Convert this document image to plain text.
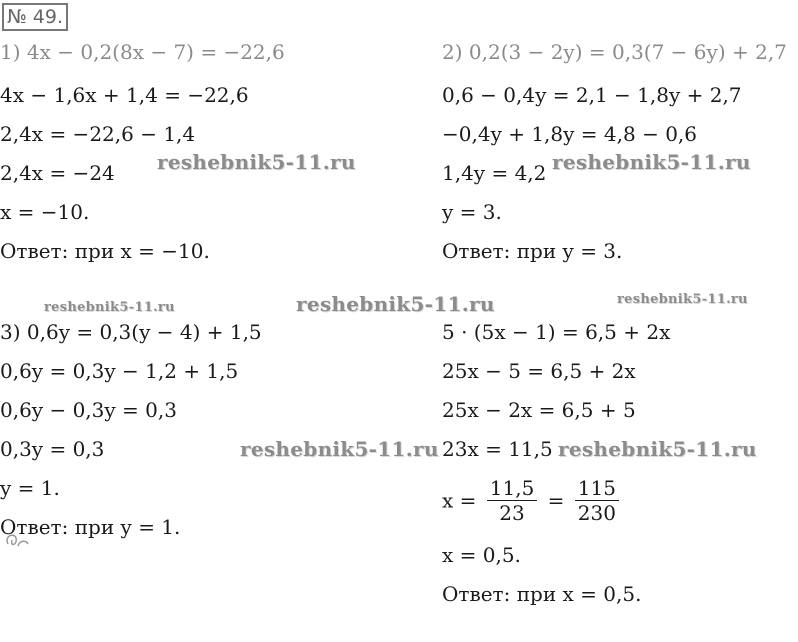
№ 49.
1) 4x − 0,2(8x − 7) = −22,6
4x − 1,6x + 1,4 = −22,6
2,4x = −22,6 − 1,4
2,4x = −24
x = −10.
Ответ: при x = −10.
2) 0,2(3 − 2y) = 0,3(7 − 6y) + 2,7
0,6 − 0,4y = 2,1 − 1,8y + 2,7
−0,4y + 1,8y = 4,8 − 0,6
1,4y = 4,2
y = 3.
Ответ: при y = 3.
3) 0,6y = 0,3(y − 4) + 1,5
0,6y = 0,3y − 1,2 + 1,5
0,6y − 0,3y = 0,3
0,3y = 0,3
y = 1.
Ответ: при y = 1.
5 · (5x − 1) = 6,5 + 2x
25x − 5 = 6,5 + 2x
25x − 2x = 6,5 + 5
23x = 11,5
$x = \frac{11,5}{23} = \frac{115}{230}$
x = 0,5.
Ответ: при x = 0,5.
reshebnik5-11.ru	reshebnik5-11.ru
reshebnik5-11.ru	reshebnik5-11.ru	reshebnik5-11.ru
reshebnik5-11.ru	reshebnik5-11.ru
